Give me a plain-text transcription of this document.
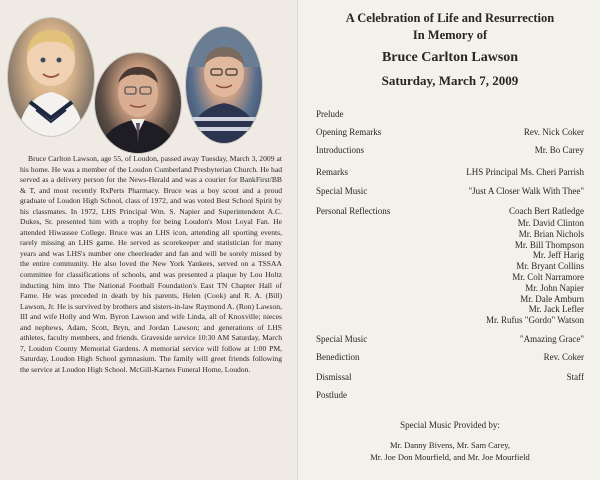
Bruce Carlton Lawson, age 55, of Loudon, passed away Tuesday, March 3, 2009 at his home. He was a member of the Loudon Cumberland Presbyterian Church. He had served as a delivery person for the News-Herald and was a courier for BankFirst/BB & T, and most recently RxPerts Pharmacy. Bruce was a boy scout and a proud graduate of Loudon High School, class of 1972, and was voted Best School Spirit by his classmates. In 1972, LHS Principal Wm. S. Napier and Superintendent A.C. Dukes, Sr. presented him with a trophy for being Loudon's Most Loyal Fan. He attended Hiwassee College. Bruce was an LHS icon, attending all sporting events, rarely missing an LHS game. He served as scorekeeper and statistician for many years and was LHS's number one cheerleader and fan and will be sorely missed by the entire community. He also loved the New York Yankees, served on a TSSAA committee for classifications of schools, and was presented a plaque by Lou Holtz inducting him into The National Football Foundation's East TN Chapter Hall of Fame. He was preceded in death by his parents, Helen (Cook) and R. A. (Bill) Lawson, Jr. He is survived by brothers and sisters-in-law Raymond A. (Ron) Lawson, III and wife Holly and Wm. Byron Lawson and wife Linda, all of Knoxville; nieces and nephews, Adam, Scott, Bryn, and Jordan Lawson; and generations of LHS athletes, faculty members, and friends. Graveside service 10:30 AM Saturday, March 7, Loudon County Memorial Gardens. A memorial service will follow at 1:00 PM, Saturday, Loudon High School gymnasium. The family will greet friends following the service at Loudon High School. McGill-Karnes Funeral Home, Loudon.

A Celebration of Life and Resurrection
In Memory of
Bruce Carlton Lawson
Saturday, March 7, 2009
Prelude
Opening Remarks	Rev. Nick Coker
Introductions	Mr. Bo Carey
Remarks	LHS Principal Ms. Cheri Parrish
Special Music	"Just A Closer Walk With Thee"
Personal Reflections	Coach Bert Ratledge
Mr. David Clinton
Mr. Brian Nichols
Mr. Bill Thompson
Mr. Jeff Harig
Mr. Bryant Collins
Mr. Colt Narramore
Mr. John Napier
Mr. Dale Amburn
Mr. Jack Lefler
Mr. Rufus "Gordo" Watson
Special Music	"Amazing Grace"
Benediction	Rev. Coker
Dismissal	Staff
Postlude
Special Music Provided by:
Mr. Danny Bivens, Mr. Sam Carey,
Mr. Joe Don Mourfield, and Mr. Joe Mourfield
